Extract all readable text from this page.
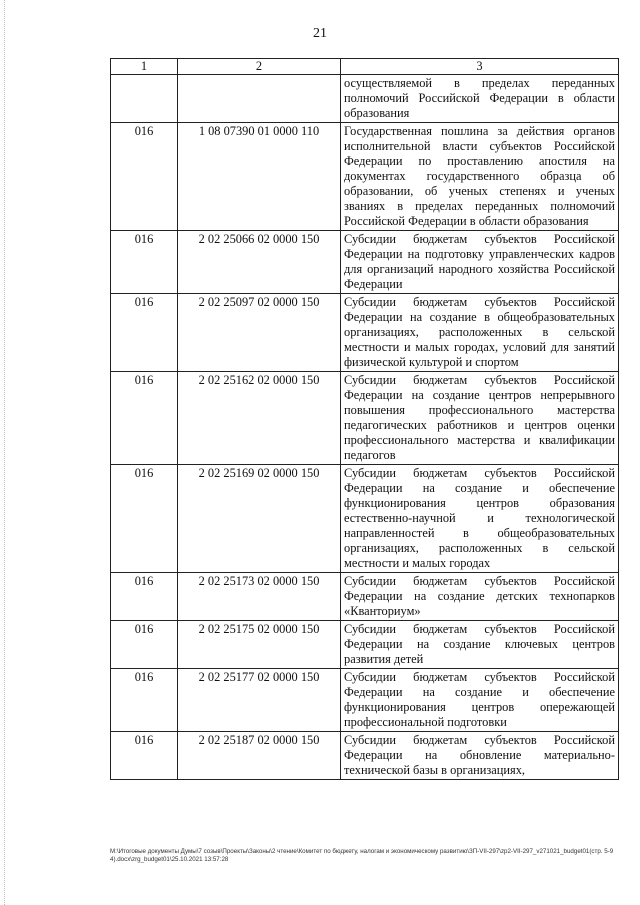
21
1	2	3
		осуществляемой в пределах переданных полномочий Российской Федерации в области образования
016	1 08 07390 01 0000 110	Государственная пошлина за действия органов исполнительной власти субъектов Российской Федерации по проставлению апостиля на документах государственного образца об образовании, об ученых степенях и ученых званиях в пределах переданных полномочий Российской Федерации в области образования
016	2 02 25066 02 0000 150	Субсидии бюджетам субъектов Российской Федерации на подготовку управленческих кадров для организаций народного хозяйства Российской Федерации
016	2 02 25097 02 0000 150	Субсидии бюджетам субъектов Российской Федерации на создание в общеобразовательных организациях, расположенных в сельской местности и малых городах, условий для занятий физической культурой и спортом
016	2 02 25162 02 0000 150	Субсидии бюджетам субъектов Российской Федерации на создание центров непрерывного повышения профессионального мастерства педагогических работников и центров оценки профессионального мастерства и квалификации педагогов
016	2 02 25169 02 0000 150	Субсидии бюджетам субъектов Российской Федерации на создание и обеспечение функционирования центров образования естественно-научной и технологической направленностей в общеобразовательных организациях, расположенных в сельской местности и малых городах
016	2 02 25173 02 0000 150	Субсидии бюджетам субъектов Российской Федерации на создание детских технопарков «Кванториум»
016	2 02 25175 02 0000 150	Субсидии бюджетам субъектов Российской Федерации на создание ключевых центров развития детей
016	2 02 25177 02 0000 150	Субсидии бюджетам субъектов Российской Федерации на создание и обеспечение функционирования центров опережающей профессиональной подготовки
016	2 02 25187 02 0000 150	Субсидии бюджетам субъектов Российской Федерации на обновление материально-технической базы в организациях,
M:\Итоговые документы Думы\7 созыв\Проекты\Законы\2 чтение\Комитет по бюджету, налогам и экономическому развитию\ЗП-VII-297\zp2-VII-297_v271021_budget01(стр. 5-94).docx\zrg_budget01\25.10.2021 13:57:28
